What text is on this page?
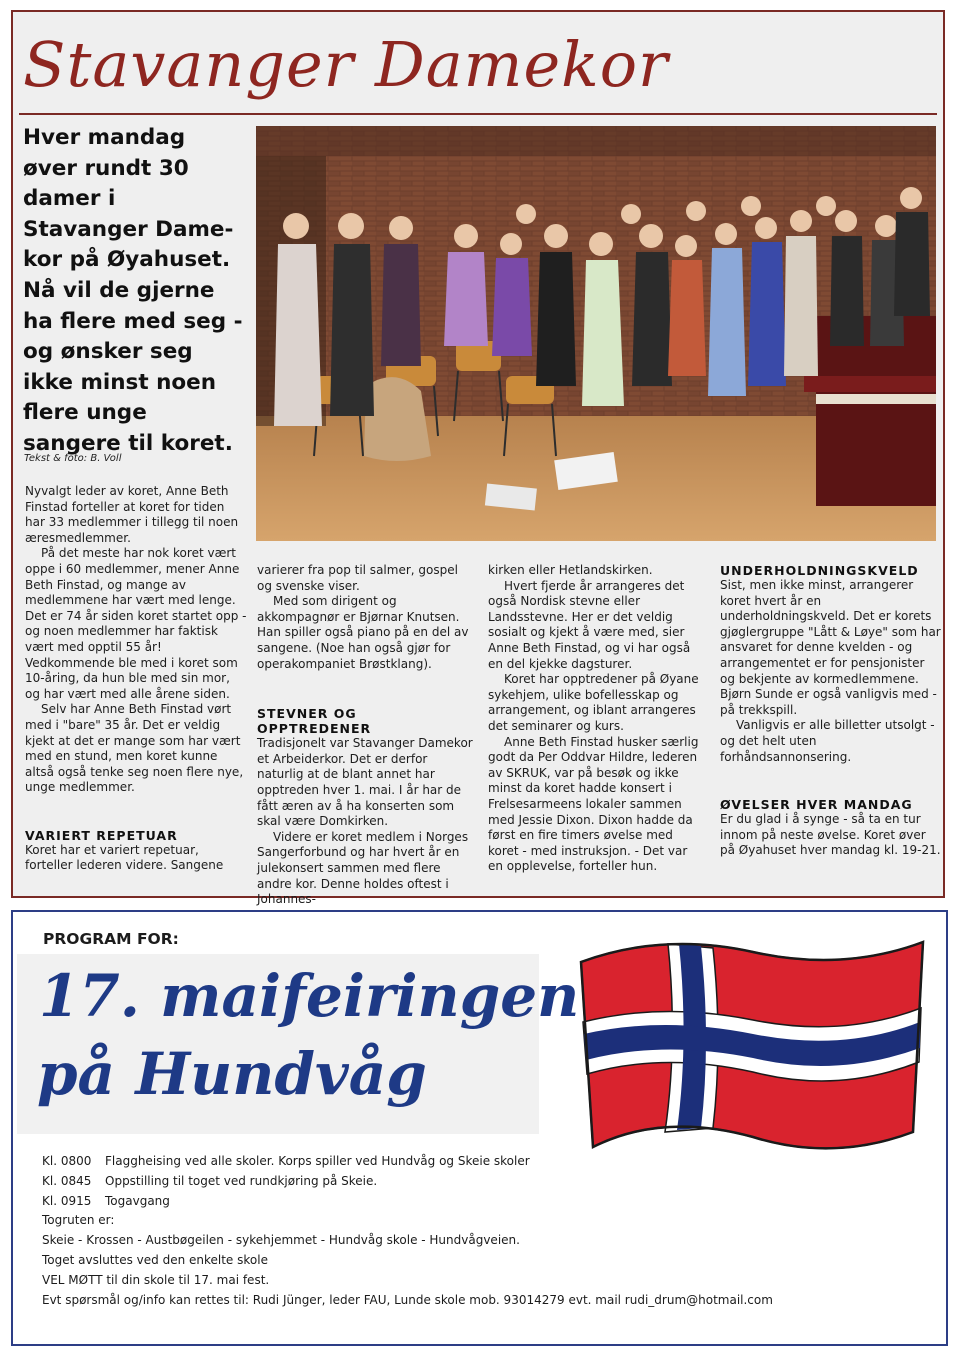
Stavanger Damekor
Hver mandag øver rundt 30 damer i Stavanger Dame-kor på Øyahuset. Nå vil de gjerne ha flere med seg - og ønsker seg ikke minst noen flere unge sangere til koret.
Tekst & foto: B. Voll

Nyvalgt leder av koret, Anne Beth Finstad forteller at koret for tiden har 33 medlemmer i tillegg til noen æresmedlemmer.

På det meste har nok koret vært oppe i 60 medlemmer, mener Anne Beth Finstad, og mange av medlemmene har vært med lenge. Det er 74 år siden koret startet opp - og noen medlemmer har faktisk vært med opptil 55 år! Vedkommende ble med i koret som 10-åring, da hun ble med sin mor, og har vært med alle årene siden.

Selv har Anne Beth Finstad vørt med i "bare" 35 år. Det er veldig kjekt at det er mange som har vært med en stund, men koret kunne altså også tenke seg noen flere nye, unge medlemmer.

VARIERT REPETUAR

Koret har et variert repetuar, forteller lederen videre. Sangene

varierer fra pop til salmer, gospel og svenske viser.

Med som dirigent og akkompagnør er Bjørnar Knutsen. Han spiller også piano på en del av sangene. (Noe han også gjør for operakompaniet Brøstklang).

STEVNER OG OPPTREDENER

Tradisjonelt var Stavanger Damekor et Arbeiderkor. Det er derfor naturlig at de blant annet har opptreden hver 1. mai. I år har de fått æren av å ha konserten som skal være Domkirken.

Videre er koret medlem i Norges Sangerforbund og har hvert år en julekonsert sammen med flere andre kor. Denne holdes oftest i Johannes-

kirken eller Hetlandskirken.

Hvert fjerde år arrangeres det også Nordisk stevne eller Landsstevne. Her er det veldig sosialt og kjekt å være med, sier Anne Beth Finstad, og vi har også en del kjekke dagsturer.

Koret har opptredener på Øyane sykehjem, ulike bofellesskap og arrangement, og iblant arrangeres det seminarer og kurs.

Anne Beth Finstad husker særlig godt da Per Oddvar Hildre, lederen av SKRUK, var på besøk og ikke minst da koret hadde konsert i Frelsesarmeens lokaler sammen med Jessie Dixon. Dixon hadde da først en fire timers øvelse med koret - med instruksjon. - Det var en opplevelse, forteller hun.

UNDERHOLDNINGSKVELD

Sist, men ikke minst, arrangerer koret hvert år en underholdningskveld. Det er korets gjøglergruppe "Lått & Løye" som har ansvaret for denne kvelden - og arrangementet er for pensjonister og bekjente av kormedlemmene. Bjørn Sunde er også vanligvis med - på trekkspill.

Vanligvis er alle billetter utsolgt - og det helt uten forhåndsannonsering.

ØVELSER HVER MANDAG

Er du glad i å synge - så ta en tur innom på neste øvelse. Koret øver på Øyahuset hver mandag kl. 19-21.

PROGRAM FOR:
17. maifeiringen
på Hundvåg
Kl. 0800	Flaggheising ved alle skoler. Korps spiller ved Hundvåg og Skeie skoler
Kl. 0845	Oppstilling til toget ved rundkjøring på Skeie.
Kl. 0915	Togavgang
Togruten er:
Skeie - Krossen - Austbøgeilen - sykehjemmet - Hundvåg skole - Hundvågveien.
Toget avsluttes ved den enkelte skole
VEL MØTT til din skole til 17. mai fest.
Evt spørsmål og/info kan rettes til: Rudi Jünger, leder FAU, Lunde skole mob. 93014279 evt. mail rudi_drum@hotmail.com
